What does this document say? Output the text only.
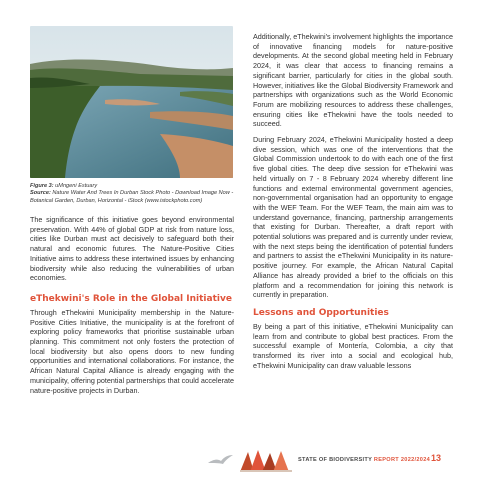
Figure 3: uMngeni Estuary
Source: Nature Water And Trees In Durban Stock Photo - Download Image Now - Botanical Garden, Durban, Horizontal - iStock (www.istockphoto.com)

The significance of this initiative goes beyond environmental preservation. With 44% of global GDP at risk from nature loss, cities like Durban must act decisively to safeguard both their natural and economic futures. The Nature-Positive Cities Initiative aims to address these intertwined issues by enhancing biodiversity while also reducing the vulnerabilities of urban economies.

eThekwini's Role in the Global Initiative

Through eThekwini Municipality membership in the Nature-Positive Cities Initiative, the municipality is at the forefront of exploring policy frameworks that prioritise sustainable urban planning. This commitment not only fosters the protection of local biodiversity but also opens doors to new funding opportunities and international collaborations. For instance, the African Natural Capital Alliance is already engaging with the municipality, offering potential partnerships that could accelerate nature-positive projects in Durban.

Additionally, eThekwini's involvement highlights the importance of innovative financing models for nature-positive developments. At the second global meeting held in February 2024, it was clear that access to financing remains a significant barrier, particularly for cities in the global south. However, initiatives like the Global Biodiversity Framework and partnerships with organizations such as the World Economic Forum are mobilizing resources to address these challenges, ensuring cities like eThekwini have the tools needed to succeed.

During February 2024, eThekwini Municipality hosted a deep dive session, which was one of the interventions that the Global Commission undertook to do with each one of the first five global cities. The deep dive session for eThekwini was held virtually on 7 - 8 February 2024 whereby different line functions and external environmental government agencies, non-governmental organisation had an opportunity to engage with the WEF Team. For the WEF Team, the main aim was to understand governance, financing, partnership arrangements that existing for Durban. Thereafter, a draft report with potential solutions was prepared and is currently under review, with the next steps being the identification of potential funders and partners to assist the eThekwini Municipality in its nature-positive journey. For example, the African Natural Capital Alliance has already provided a brief to the officials on this platform and a recommendation for joining this network is currently in preparation.

Lessons and Opportunities

By being a part of this initiative, eThekwini Municipality can learn from and contribute to global best practices. From the successful example of Montería, Colombia, a city that transformed its river into a social and ecological hub, eThekwini Municipality can draw valuable lessons

STATE OF BIODIVERSITY REPORT 2022/2024 13
